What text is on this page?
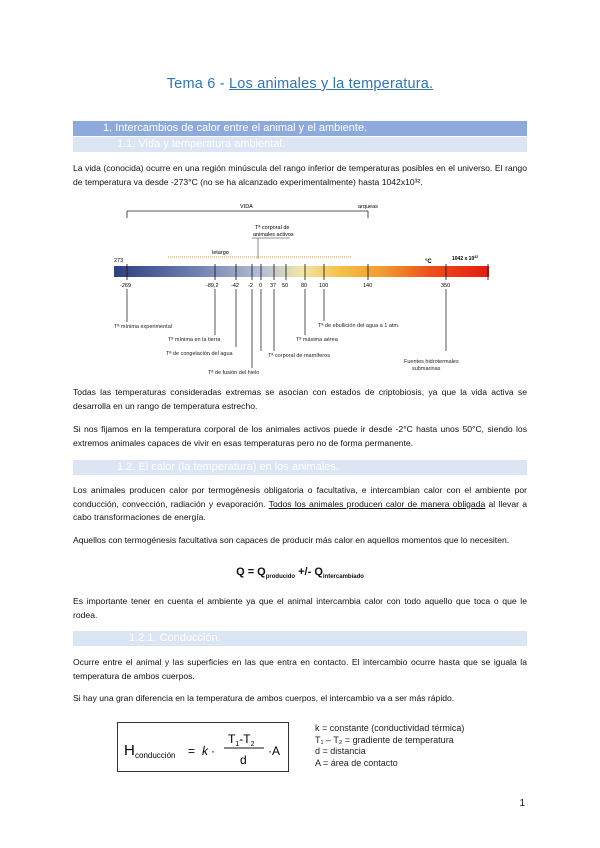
Tema 6 - Los animales y la temperatura.
1. Intercambios de calor entre el animal y el ambiente.
1.1. Vida y temperatura ambiental.
La vida (conocida) ocurre en una región minúscula del rango inferior de temperaturas posibles en el universo. El rango de temperatura va desde -273°C (no se ha alcanzado experimentalmente) hasta 1042x10³².
VIDA	arqueas
Tª corporal de
animales activos
letargo
273	°C	1042 x $10^{32}$
-269	-89,2 -42 -2 0 37 50 80 100	140	350
Tª mínima experimental
Tª mínima en la tierra
Tª de congelación del agua
Tª de fusión del hielo
Tª corporal de mamíferos
Tª máxima aérea
Tª de ebullición del agua a 1 atm.
Fuentes hidrotermales
submarinas
Todas las temperaturas consideradas extremas se asocian con estados de criptobiosis, ya que la vida activa se desarrolla en un rango de temperatura estrecho.
Si nos fijamos en la temperatura corporal de los animales activos puede ir desde -2°C hasta unos 50°C, siendo los extremos animales capaces de vivir en esas temperaturas pero no de forma permanente.
1.2. El calor (la temperatura) en los animales.
Los animales producen calor por termogénesis obligatoria o facultativa, e intercambian calor con el ambiente por conducción, convección, radiación y evaporación. Todos los animales producen calor de manera obligada al llevar a cabo transformaciones de energía.
Aquellos con termogénesis facultativa son capaces de producir más calor en aquellos momentos que lo necesiten.
$Q = Q_{producido}$ +/- $Q_{intercambiado}$
Es importante tener en cuenta el ambiente ya que el animal intercambia calor con todo aquello que toca o que le rodea.
1.2.1. Conducción.
Ocurre entre el animal y las superficies en las que entra en contacto. El intercambio ocurre hasta que se iguala la temperatura de ambos cuerpos.
Si hay una gran diferencia en la temperatura de ambos cuerpos, el intercambio va a ser más rápido.
H conducción = k ·
$T_1-T_2$
d
·A
k = constante (conductividad térmica)
T₁ – T₂ = gradiente de temperatura
d = distancia
A = área de contacto
1
